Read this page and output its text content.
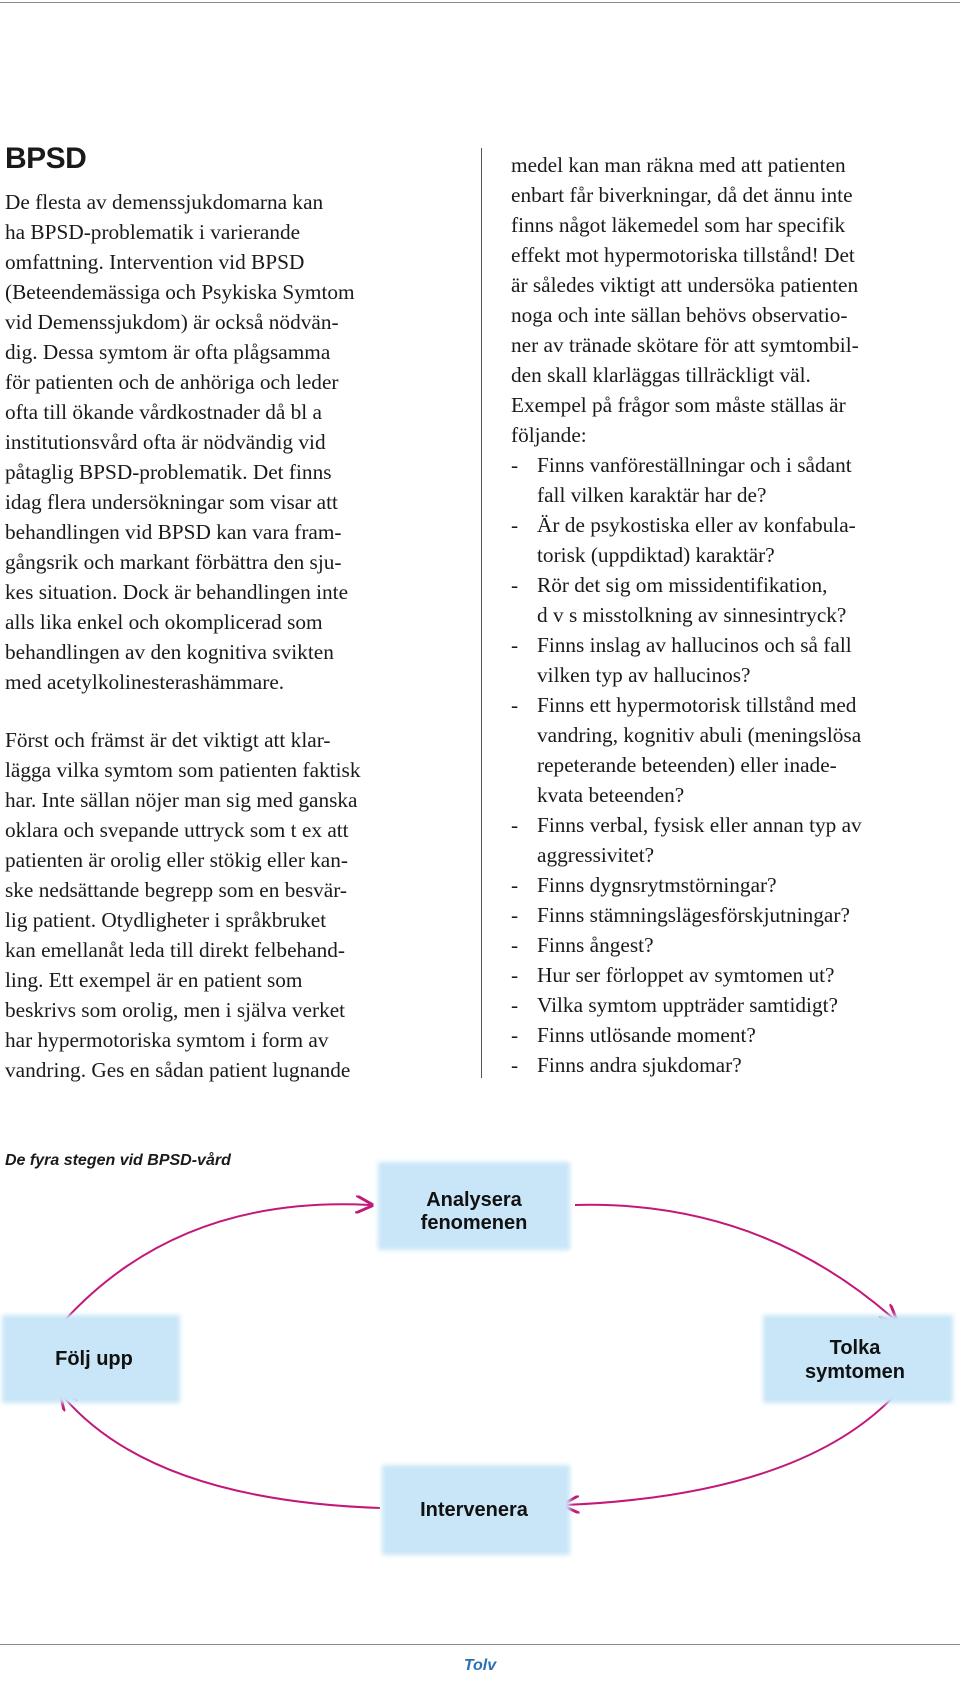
BPSD
De flesta av demenssjukdomarna kan
ha BPSD-problematik i varierande
omfattning. Intervention vid BPSD
(Beteendemässiga och Psykiska Symtom
vid Demenssjukdom) är också nödvän-
dig. Dessa symtom är ofta plågsamma
för patienten och de anhöriga och leder
ofta till ökande vårdkostnader då bl a
institutionsvård ofta är nödvändig vid
påtaglig BPSD-problematik. Det finns
idag flera undersökningar som visar att
behandlingen vid BPSD kan vara fram-
gångsrik och markant förbättra den sju-
kes situation. Dock är behandlingen inte
alls lika enkel och okomplicerad som
behandlingen av den kognitiva svikten
med acetylkolinesterashämmare.
Först och främst är det viktigt att klar-
lägga vilka symtom som patienten faktisk
har. Inte sällan nöjer man sig med ganska
oklara och svepande uttryck som t ex att
patienten är orolig eller stökig eller kan-
ske nedsättande begrepp som en besvär-
lig patient. Otydligheter i språkbruket
kan emellanåt leda till direkt felbehand-
ling. Ett exempel är en patient som
beskrivs som orolig, men i själva verket
har hypermotoriska symtom i form av
vandring. Ges en sådan patient lugnande
medel kan man räkna med att patienten
enbart får biverkningar, då det ännu inte
finns något läkemedel som har specifik
effekt mot hypermotoriska tillstånd! Det
är således viktigt att undersöka patienten
noga och inte sällan behövs observatio-
ner av tränade skötare för att symtombil-
den skall klarläggas tillräckligt väl.
Exempel på frågor som måste ställas är
följande:
- Finns vanföreställningar och i sådant
fall vilken karaktär har de?
- Är de psykostiska eller av konfabula-
torisk (uppdiktad) karaktär?
- Rör det sig om missidentifikation,
d v s misstolkning av sinnesintryck?
- Finns inslag av hallucinos och så fall
vilken typ av hallucinos?
- Finns ett hypermotorisk tillstånd med
vandring, kognitiv abuli (meningslösa
repeterande beteenden) eller inade-
kvata beteenden?
- Finns verbal, fysisk eller annan typ av
aggressivitet?
- Finns dygnsrytmstörningar?
- Finns stämningslägesförskjutningar?
- Finns ångest?
- Hur ser förloppet av symtomen ut?
- Vilka symtom uppträder samtidigt?
- Finns utlösande moment?
- Finns andra sjukdomar?
De fyra stegen vid BPSD-vård
Analysera
fenomenen
Följ upp	Tolka
symtomen
Intervenera
Tolv
